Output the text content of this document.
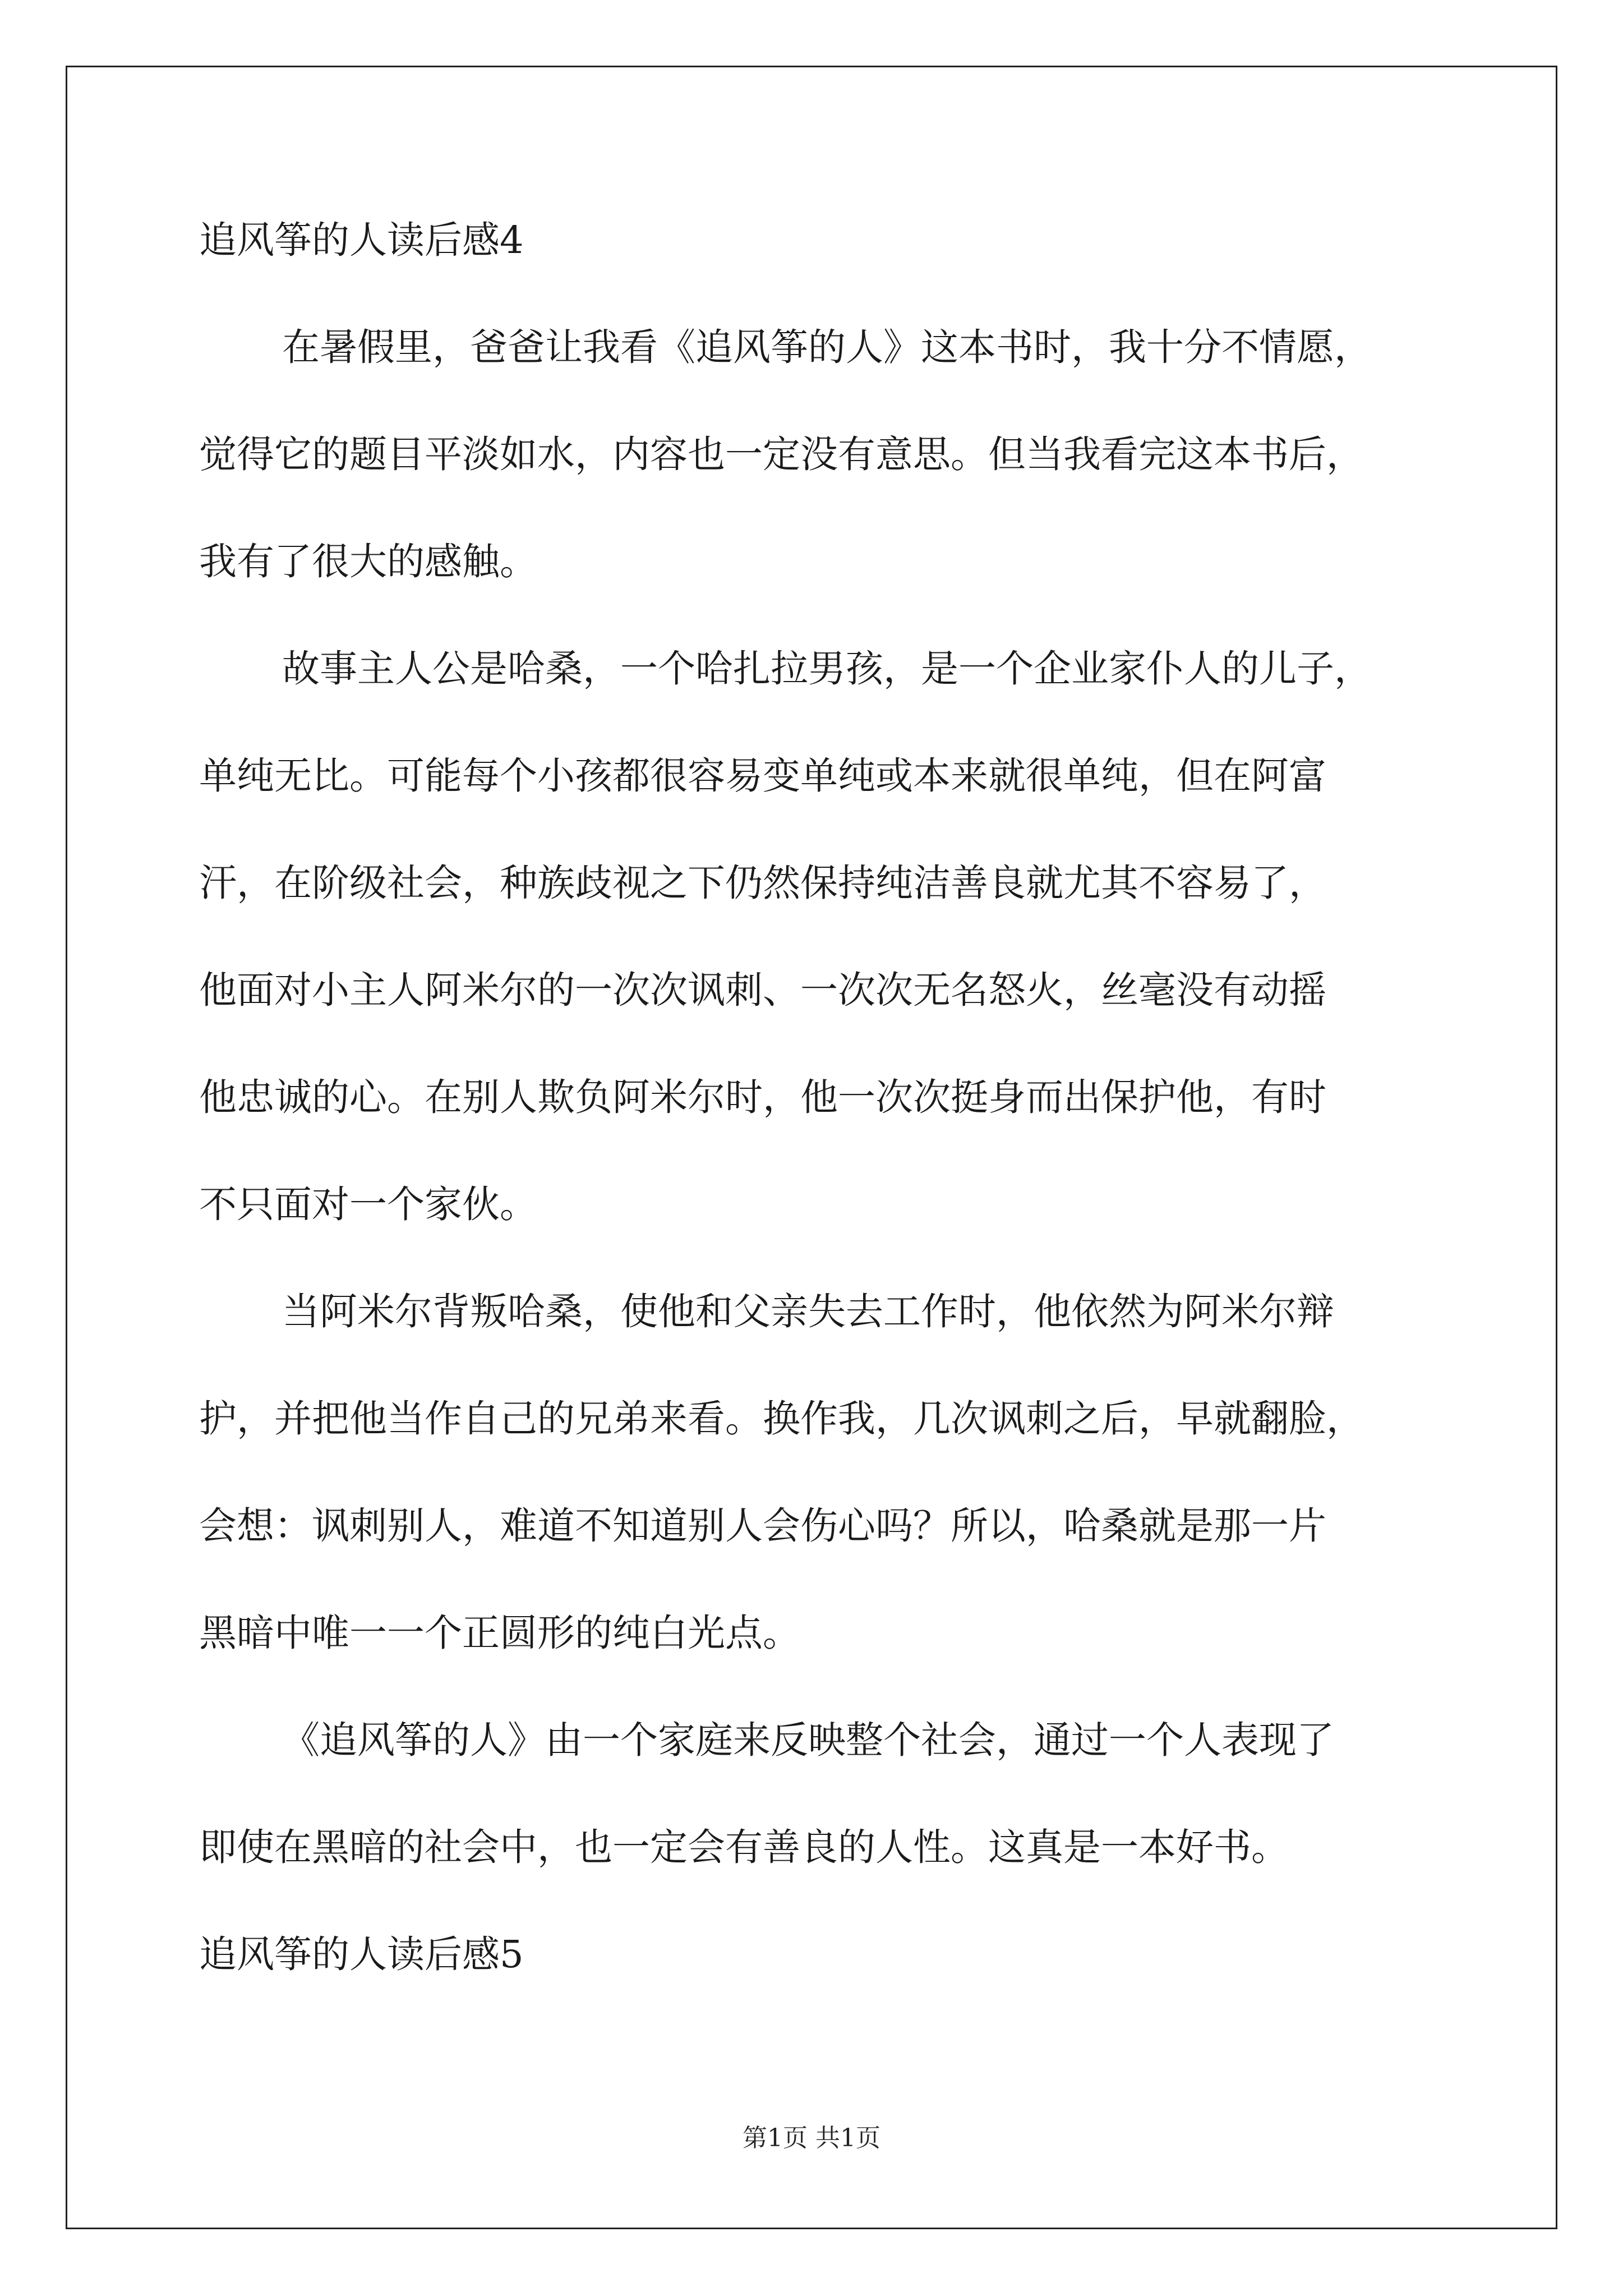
追风筝的人读后感4
在暑假里，爸爸让我看《追风筝的人》这本书时，我十分不情愿，
觉得它的题目平淡如水，内容也一定没有意思。但当我看完这本书后，
我有了很大的感触。
故事主人公是哈桑，一个哈扎拉男孩，是一个企业家仆人的儿子，
单纯无比。可能每个小孩都很容易变单纯或本来就很单纯，但在阿富
汗，在阶级社会，种族歧视之下仍然保持纯洁善良就尤其不容易了，
他面对小主人阿米尔的一次次讽刺、一次次无名怒火，丝毫没有动摇
他忠诚的心。在别人欺负阿米尔时，他一次次挺身而出保护他，有时
不只面对一个家伙。
当阿米尔背叛哈桑，使他和父亲失去工作时，他依然为阿米尔辩
护，并把他当作自己的兄弟来看。换作我，几次讽刺之后，早就翻脸，
会想：讽刺别人，难道不知道别人会伤心吗？所以，哈桑就是那一片
黑暗中唯一一个正圆形的纯白光点。
《追风筝的人》由一个家庭来反映整个社会，通过一个人表现了
即使在黑暗的社会中，也一定会有善良的人性。这真是一本好书。
追风筝的人读后感5
第1页 共1页
